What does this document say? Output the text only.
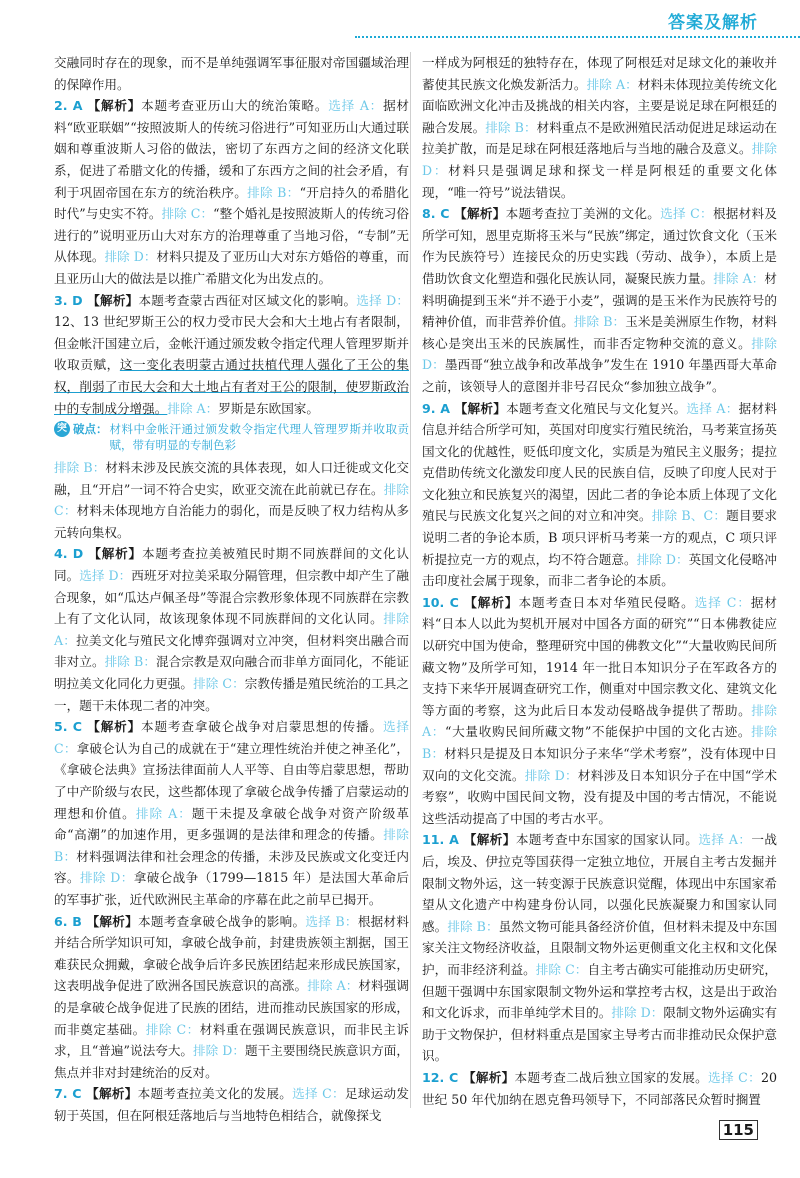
答案及解析

交融同时存在的现象，而不是单纯强调军事征服对帝国疆域治理的保障作用。

2. A 【解析】本题考查亚历山大的统治策略。选择 A：据材料“欧亚联姻”“按照波斯人的传统习俗进行”可知亚历山大通过联姻和尊重波斯人习俗的做法，密切了东西方之间的经济文化联系，促进了希腊文化的传播，缓和了东西方之间的社会矛盾，有利于巩固帝国在东方的统治秩序。排除 B：“开启持久的希腊化时代”与史实不符。排除 C：“整个婚礼是按照波斯人的传统习俗进行的”说明亚历山大对东方的治理尊重了当地习俗，“专制”无从体现。排除 D：材料只提及了亚历山大对东方婚俗的尊重，而且亚历山大的做法是以推广希腊文化为出发点的。

3. D 【解析】本题考查蒙古西征对区域文化的影响。选择 D：12、13 世纪罗斯王公的权力受市民大会和大土地占有者限制，但金帐汗国建立后，金帐汗通过颁发敕令指定代理人管理罗斯并收取贡赋，这一变化表明蒙古通过扶植代理人强化了王公的集权，削弱了市民大会和大土地占有者对王公的限制，使罗斯政治中的专制成分增强。排除 A：罗斯是东欧国家。

突 破点： 材料中金帐汗通过颁发敕令指定代理人管理罗斯并收取贡赋，带有明显的专制色彩

排除 B：材料未涉及民族交流的具体表现，如人口迁徙或文化交融，且“开启”一词不符合史实，欧亚交流在此前就已存在。排除 C：材料未体现地方自治能力的弱化，而是反映了权力结构从多元转向集权。

4. D 【解析】本题考查拉美被殖民时期不同族群间的文化认同。选择 D：西班牙对拉美采取分隔管理，但宗教中却产生了融合现象，如“瓜达卢佩圣母”等混合宗教形象体现不同族群在宗教上有了文化认同，故该现象体现不同族群间的文化认同。排除 A：拉美文化与殖民文化博弈强调对立冲突，但材料突出融合而非对立。排除 B：混合宗教是双向融合而非单方面同化，不能证明拉美文化同化力更强。排除 C：宗教传播是殖民统治的工具之一，题干未体现二者的冲突。

5. C 【解析】本题考查拿破仑战争对启蒙思想的传播。选择 C：拿破仑认为自己的成就在于“建立理性统治并使之神圣化”，《拿破仑法典》宣扬法律面前人人平等、自由等启蒙思想，帮助了中产阶级与农民，这些都体现了拿破仑战争传播了启蒙运动的理想和价值。排除 A：题干未提及拿破仑战争对资产阶级革命“高潮”的加速作用，更多强调的是法律和理念的传播。排除 B：材料强调法律和社会理念的传播，未涉及民族或文化变迁内容。排除 D：拿破仑战争（1799—1815 年）是法国大革命后的军事扩张，近代欧洲民主革命的序幕在此之前早已揭开。

6. B 【解析】本题考查拿破仑战争的影响。选择 B：根据材料并结合所学知识可知，拿破仑战争前，封建贵族领主割据，国王难获民众拥戴，拿破仑战争后许多民族团结起来形成民族国家，这表明战争促进了欧洲各国民族意识的高涨。排除 A：材料强调的是拿破仑战争促进了民族的团结，进而推动民族国家的形成，而非奠定基础。排除 C：材料重在强调民族意识，而非民主诉求，且“普遍”说法夸大。排除 D：题干主要围绕民族意识方面，焦点并非对封建统治的反对。

7. C 【解析】本题考查拉美文化的发展。选择 C：足球运动发轫于英国，但在阿根廷落地后与当地特色相结合，就像探戈

一样成为阿根廷的独特存在，体现了阿根廷对足球文化的兼收并蓄使其民族文化焕发新活力。排除 A：材料未体现拉美传统文化面临欧洲文化冲击及挑战的相关内容，主要是说足球在阿根廷的融合发展。排除 B：材料重点不是欧洲殖民活动促进足球运动在拉美扩散，而是足球在阿根廷落地后与当地的融合及意义。排除 D：材料只是强调足球和探戈一样是阿根廷的重要文化体现，“唯一符号”说法错误。

8. C 【解析】本题考查拉丁美洲的文化。选择 C：根据材料及所学可知，恩里克斯将玉米与“民族”绑定，通过饮食文化（玉米作为民族符号）连接民众的历史实践（劳动、战争），本质上是借助饮食文化塑造和强化民族认同，凝聚民族力量。排除 A：材料明确提到玉米“并不逊于小麦”，强调的是玉米作为民族符号的精神价值，而非营养价值。排除 B：玉米是美洲原生作物，材料核心是突出玉米的民族属性，而非否定物种交流的意义。排除 D：墨西哥“独立战争和改革战争”发生在 1910 年墨西哥大革命之前，该领导人的意图并非号召民众“参加独立战争”。

9. A 【解析】本题考查文化殖民与文化复兴。选择 A：据材料信息并结合所学可知，英国对印度实行殖民统治，马考莱宣扬英国文化的优越性，贬低印度文化，实质是为殖民主义服务；提拉克借助传统文化激发印度人民的民族自信，反映了印度人民对于文化独立和民族复兴的渴望，因此二者的争论本质上体现了文化殖民与民族文化复兴之间的对立和冲突。排除 B、C：题目要求说明二者的争论本质，B 项只评析马考莱一方的观点，C 项只评析提拉克一方的观点，均不符合题意。排除 D：英国文化侵略冲击印度社会属于现象，而非二者争论的本质。

10. C 【解析】本题考查日本对华殖民侵略。选择 C：据材料“日本人以此为契机开展对中国各方面的研究”“日本佛教徒应以研究中国为使命，整理研究中国的佛教文化”“大量收购民间所藏文物”及所学可知，1914 年一批日本知识分子在军政各方的支持下来华开展调查研究工作，侧重对中国宗教文化、建筑文化等方面的考察，这为此后日本发动侵略战争提供了帮助。排除 A：“大量收购民间所藏文物”不能保护中国的文化古迹。排除 B：材料只是提及日本知识分子来华“学术考察”，没有体现中日双向的文化交流。排除 D：材料涉及日本知识分子在中国“学术考察”，收购中国民间文物，没有提及中国的考古情况，不能说这些活动提高了中国的考古水平。

11. A 【解析】本题考查中东国家的国家认同。选择 A：一战后，埃及、伊拉克等国获得一定独立地位，开展自主考古发掘并限制文物外运，这一转变源于民族意识觉醒，体现出中东国家希望从文化遗产中构建身份认同，以强化民族凝聚力和国家认同感。排除 B：虽然文物可能具备经济价值，但材料未提及中东国家关注文物经济收益，且限制文物外运更侧重文化主权和文化保护，而非经济利益。排除 C：自主考古确实可能推动历史研究，但题干强调中东国家限制文物外运和掌控考古权，这是出于政治和文化诉求，而非单纯学术目的。排除 D：限制文物外运确实有助于文物保护，但材料重点是国家主导考古而非推动民众保护意识。

12. C 【解析】本题考查二战后独立国家的发展。选择 C：20 世纪 50 年代加纳在恩克鲁玛领导下，不同部落民众暂时搁置

115
